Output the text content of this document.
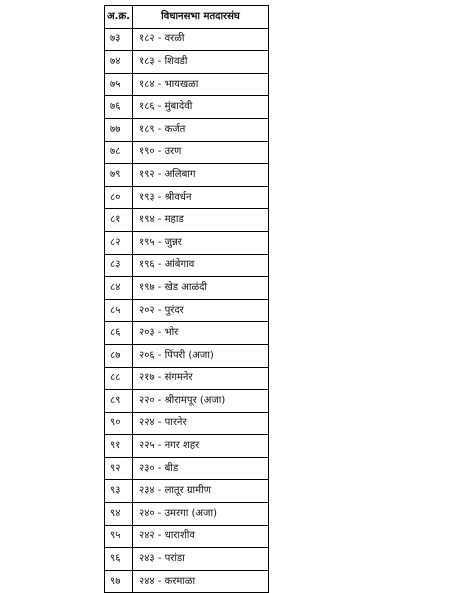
अ.क्र.	विधानसभा मतदारसंघ
७३	१८२ - वरळी
७४	१८३ - शिवडी
७५	१८४ - भायखळा
७६	१८६ - मुंबादेवी
७७	१८९ - कर्जत
७८	१९० - उरण
७९	१९२ - अलिबाग
८०	१९३ - श्रीवर्धन
८१	१९४ - महाड
८२	१९५ - जुन्नर
८३	१९६ - आंबेगाव
८४	१९७ - खेड आळंदी
८५	२०२ - पुरंदर
८६	२०३ - भोर
८७	२०६ - पिंपरी (अजा)
८८	२१७ - संगमनेर
८९	२२० - श्रीरामपूर (अजा)
९०	२२४ - पारनेर
९१	२२५ - नगर शहर
९२	२३० - बीड
९३	२३४ - लातूर ग्रामीण
९४	२४० - उमरगा (अजा)
९५	२४२ - धाराशीव
९६	२४३ - परांडा
९७	२४४ - करमाळा
